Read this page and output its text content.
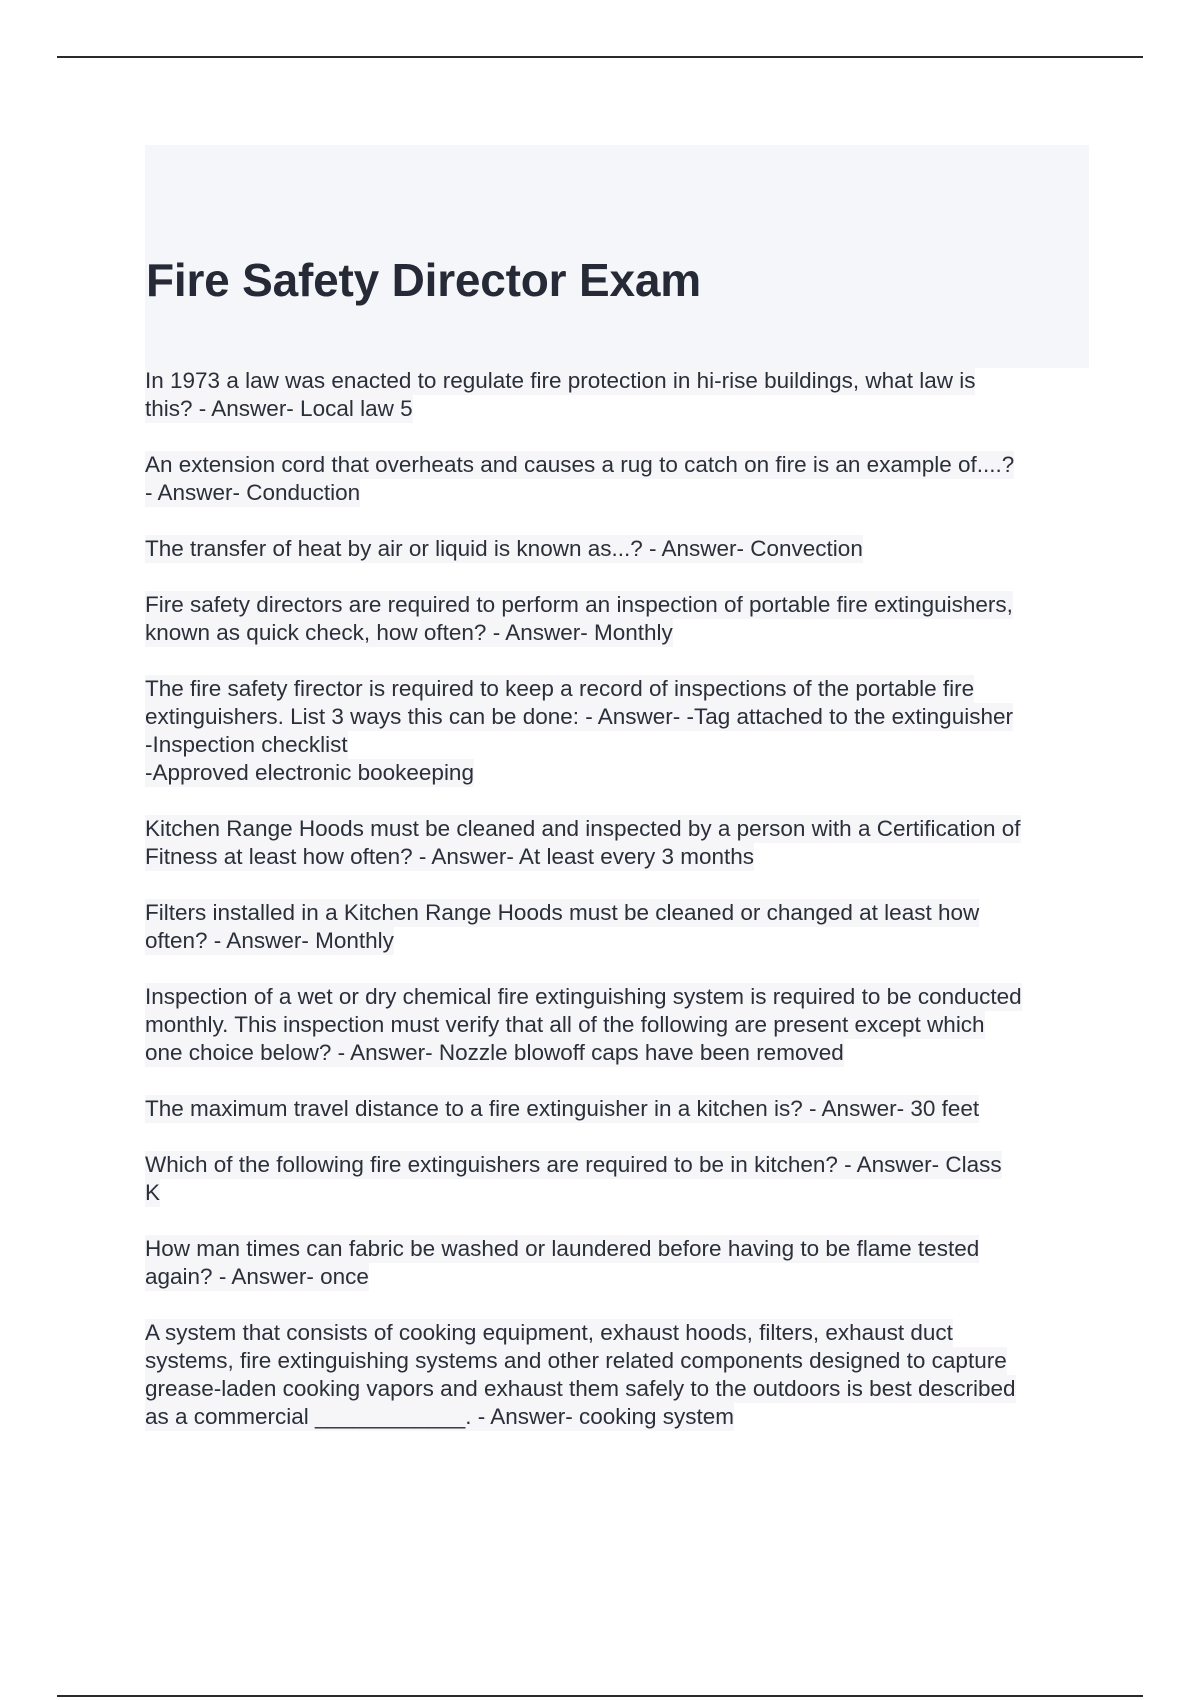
Fire Safety Director Exam
In 1973 a law was enacted to regulate fire protection in hi-rise buildings, what law is
this? - Answer- Local law 5
An extension cord that overheats and causes a rug to catch on fire is an example of....?
- Answer- Conduction
The transfer of heat by air or liquid is known as...? - Answer- Convection
Fire safety directors are required to perform an inspection of portable fire extinguishers,
known as quick check, how often? - Answer- Monthly
The fire safety firector is required to keep a record of inspections of the portable fire
extinguishers. List 3 ways this can be done: - Answer- -Tag attached to the extinguisher
-Inspection checklist
-Approved electronic bookeeping
Kitchen Range Hoods must be cleaned and inspected by a person with a Certification of
Fitness at least how often? - Answer- At least every 3 months
Filters installed in a Kitchen Range Hoods must be cleaned or changed at least how
often? - Answer- Monthly
Inspection of a wet or dry chemical fire extinguishing system is required to be conducted
monthly. This inspection must verify that all of the following are present except which
one choice below? - Answer- Nozzle blowoff caps have been removed
The maximum travel distance to a fire extinguisher in a kitchen is? - Answer- 30 feet
Which of the following fire extinguishers are required to be in kitchen? - Answer- Class
K
How man times can fabric be washed or laundered before having to be flame tested
again? - Answer- once
A system that consists of cooking equipment, exhaust hoods, filters, exhaust duct
systems, fire extinguishing systems and other related components designed to capture
grease-laden cooking vapors and exhaust them safely to the outdoors is best described
as a commercial ____________. - Answer- cooking system
